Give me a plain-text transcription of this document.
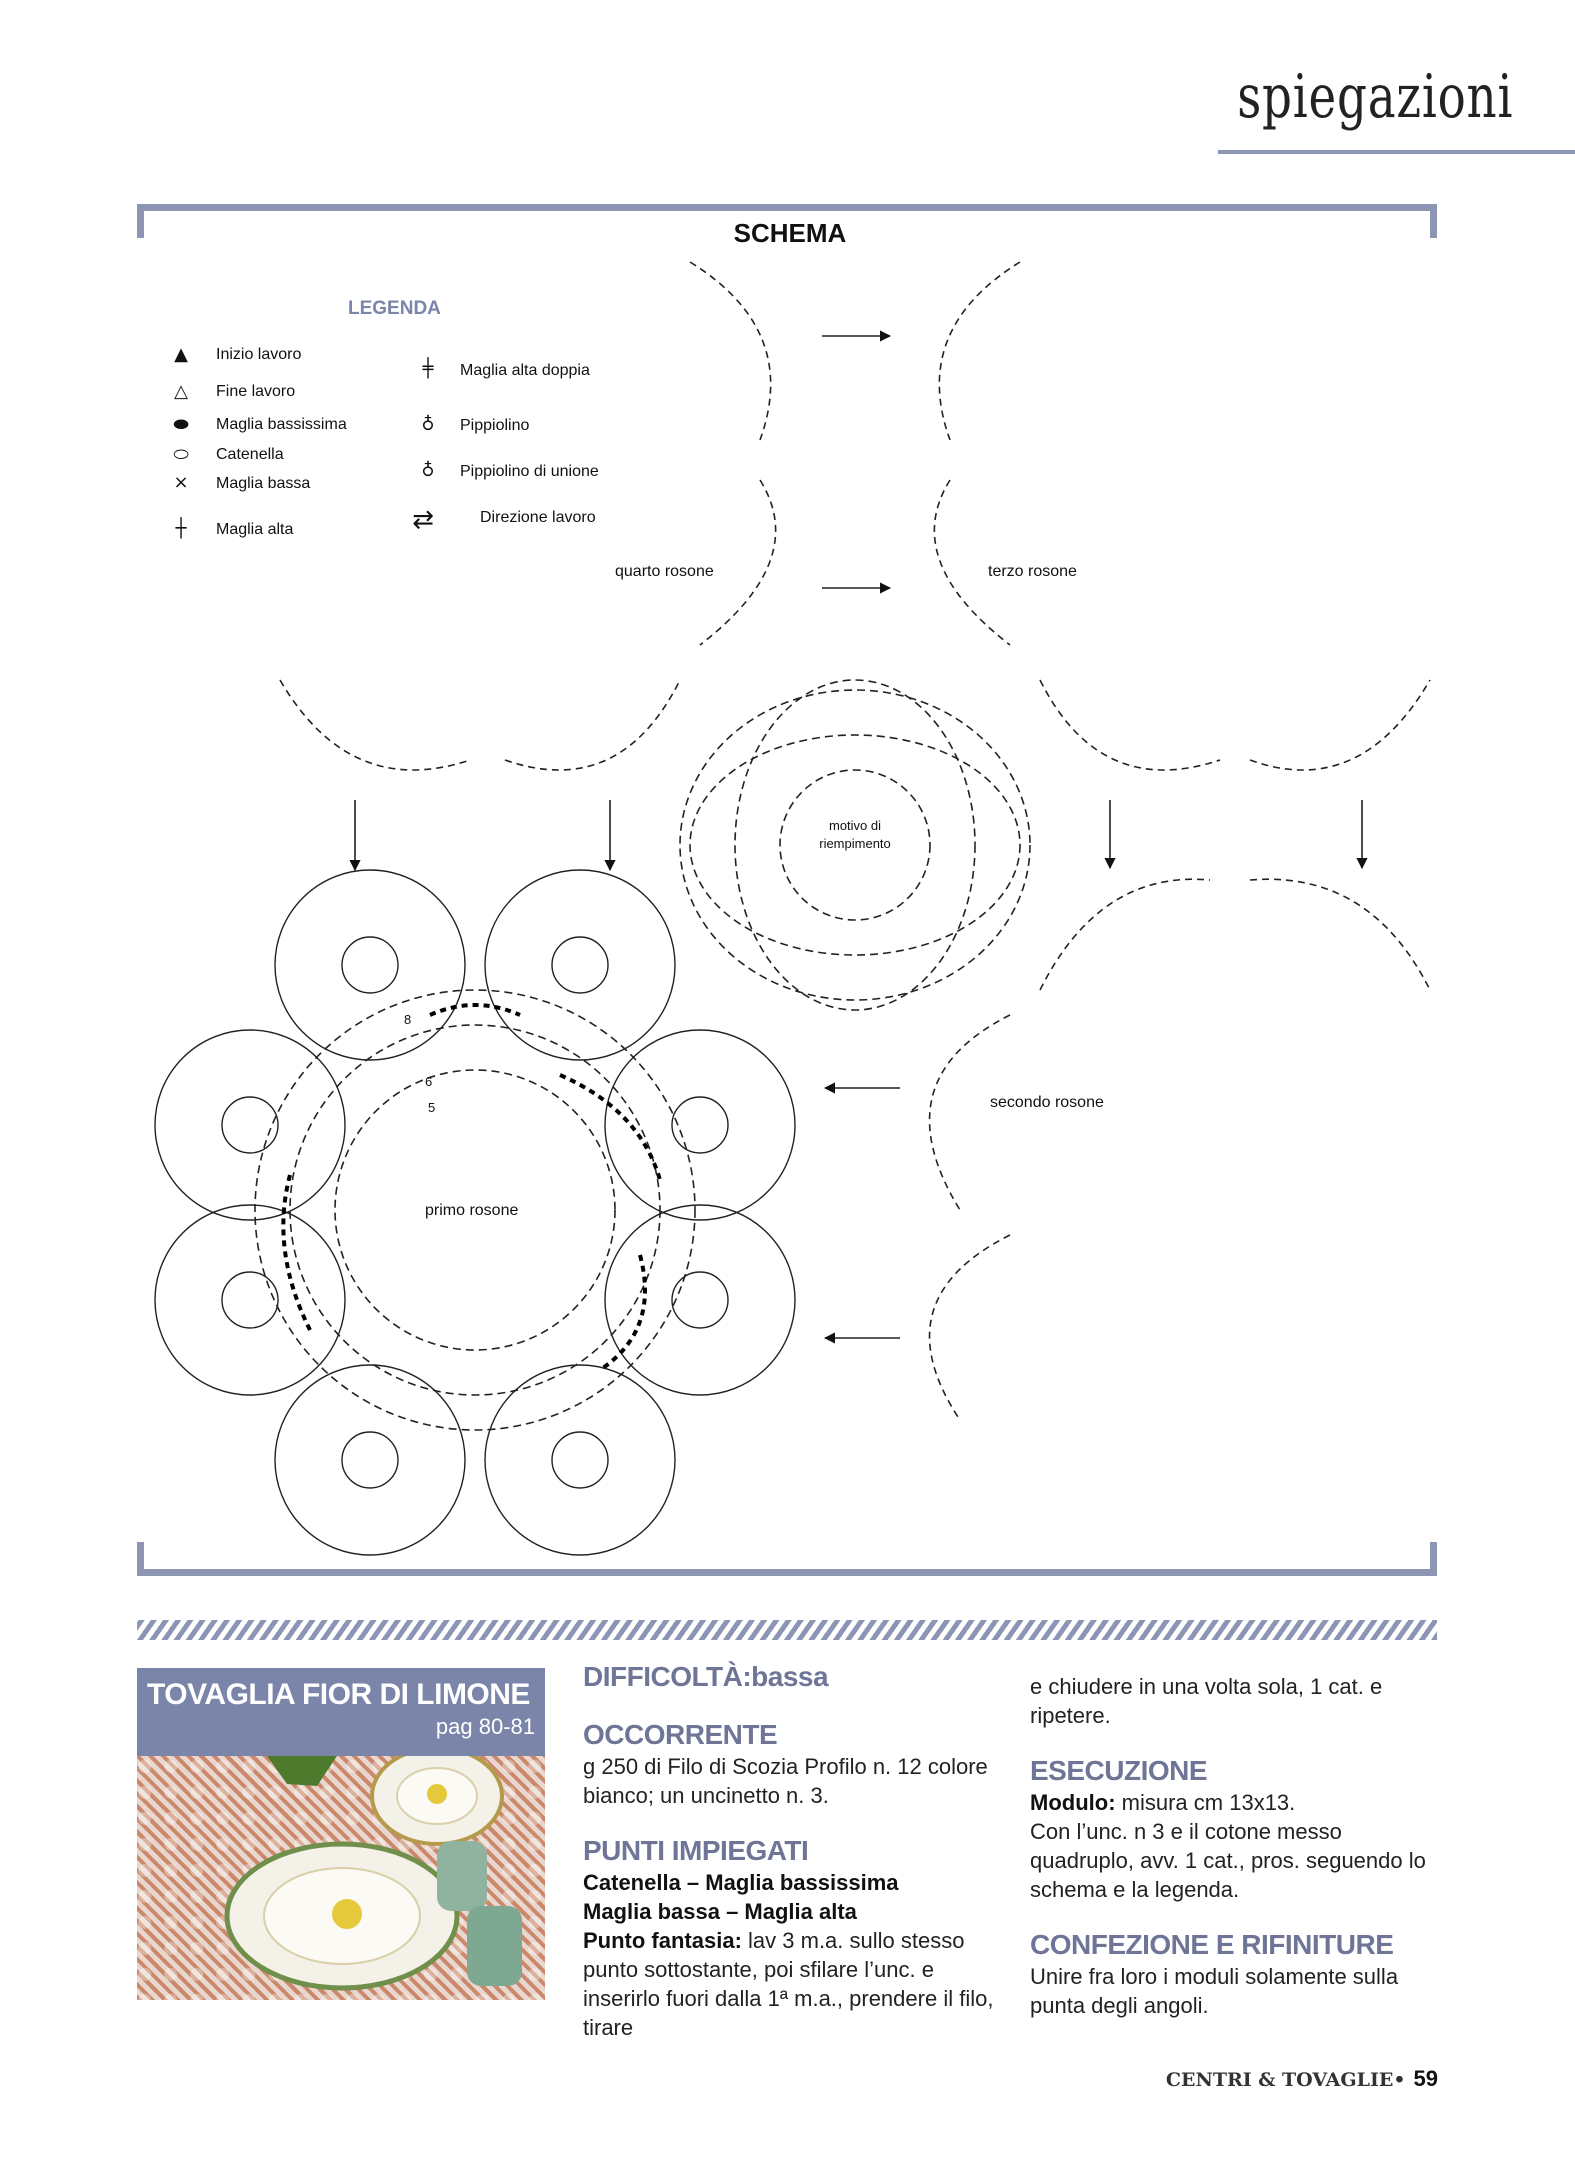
spiegazioni
SCHEMA
LEGENDA
▲	Inizio lavoro
△	Fine lavoro
⬬	Maglia bassissima
⬭	Catenella
×	Maglia bassa
┼	Maglia alta
╪	Maglia alta doppia
♁	Pippiolino
♁	Pippiolino di unione
⇄	Direzione lavoro
quarto rosone	terzo rosone
motivo di
riempimento
secondo rosone
primo rosone
8
6
5
TOVAGLIA FIOR DI LIMONE
pag 80-81

DIFFICOLTÀ:bassa

OCCORRENTE

g 250 di Filo di Scozia Profilo n. 12 colore bianco; un uncinetto n. 3.

PUNTI IMPIEGATI

Catenella – Maglia bassissima

Maglia bassa – Maglia alta

Punto fantasia: lav 3 m.a. sullo stesso punto sottostante, poi sfilare l’unc. e inserirlo fuori dalla 1ª m.a., prendere il filo, tirare

e chiudere in una volta sola, 1 cat. e ripetere.

ESECUZIONE

Modulo: misura cm 13x13.

Con l’unc. n 3 e il cotone messo quadruplo, avv. 1 cat., pros. seguendo lo schema e la legenda.

CONFEZIONE E RIFINITURE

Unire fra loro i moduli solamente sulla punta degli angoli.

CENTRI & TOVAGLIE• 59
